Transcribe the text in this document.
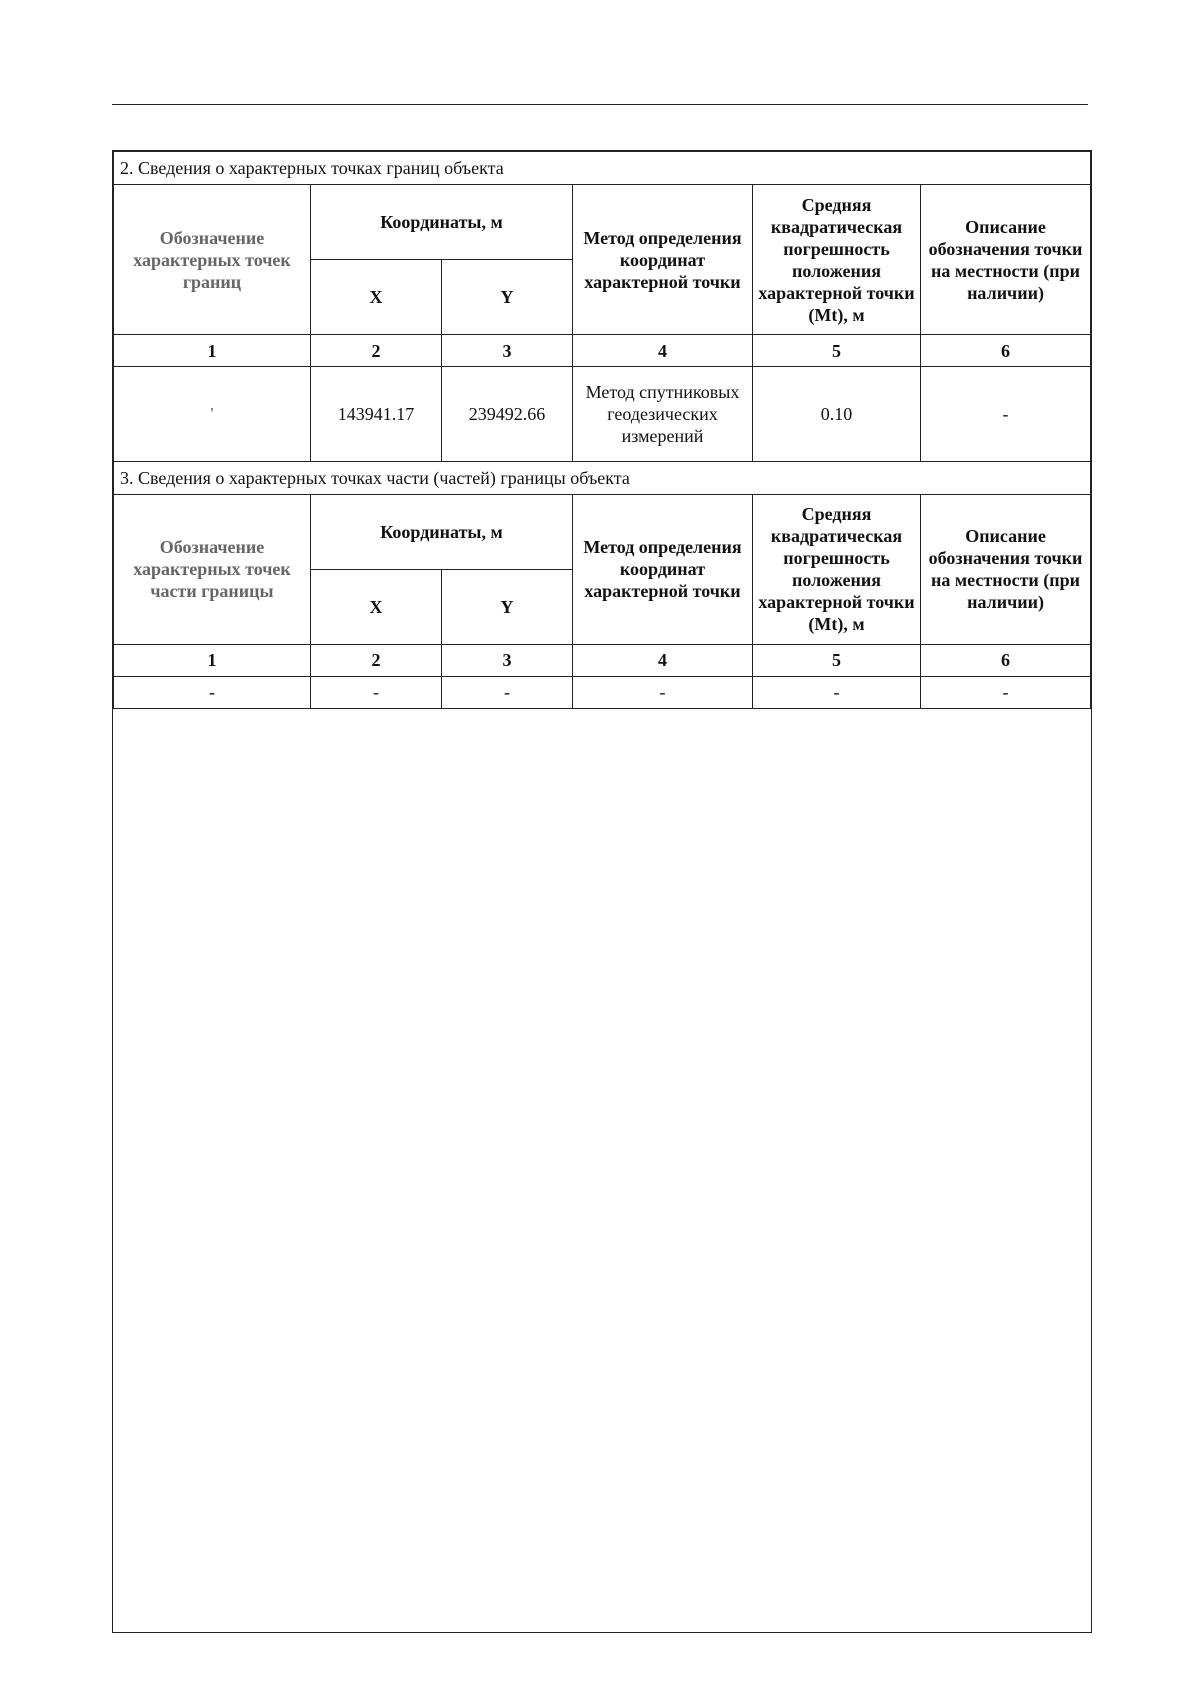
2. Сведения о характерных точках границ объекта					
Обозначение характерных точек границ	Координаты, м		Метод определения координат характерной точки	Средняя квадратическая погрешность положения характерной точки (Mt), м	Описание обозначения точки на местности (при наличии)
	X	Y			
1	2	3	4	5	6
'	143941.17	239492.66	Метод спутниковых геодезических измерений	0.10	-
3. Сведения о характерных точках части (частей) границы объекта					
Обозначение характерных точек части границы	Координаты, м		Метод определения координат характерной точки	Средняя квадратическая погрешность положения характерной точки (Mt), м	Описание обозначения точки на местности (при наличии)
	X	Y			
1	2	3	4	5	6
-	-	-	-	-	-
